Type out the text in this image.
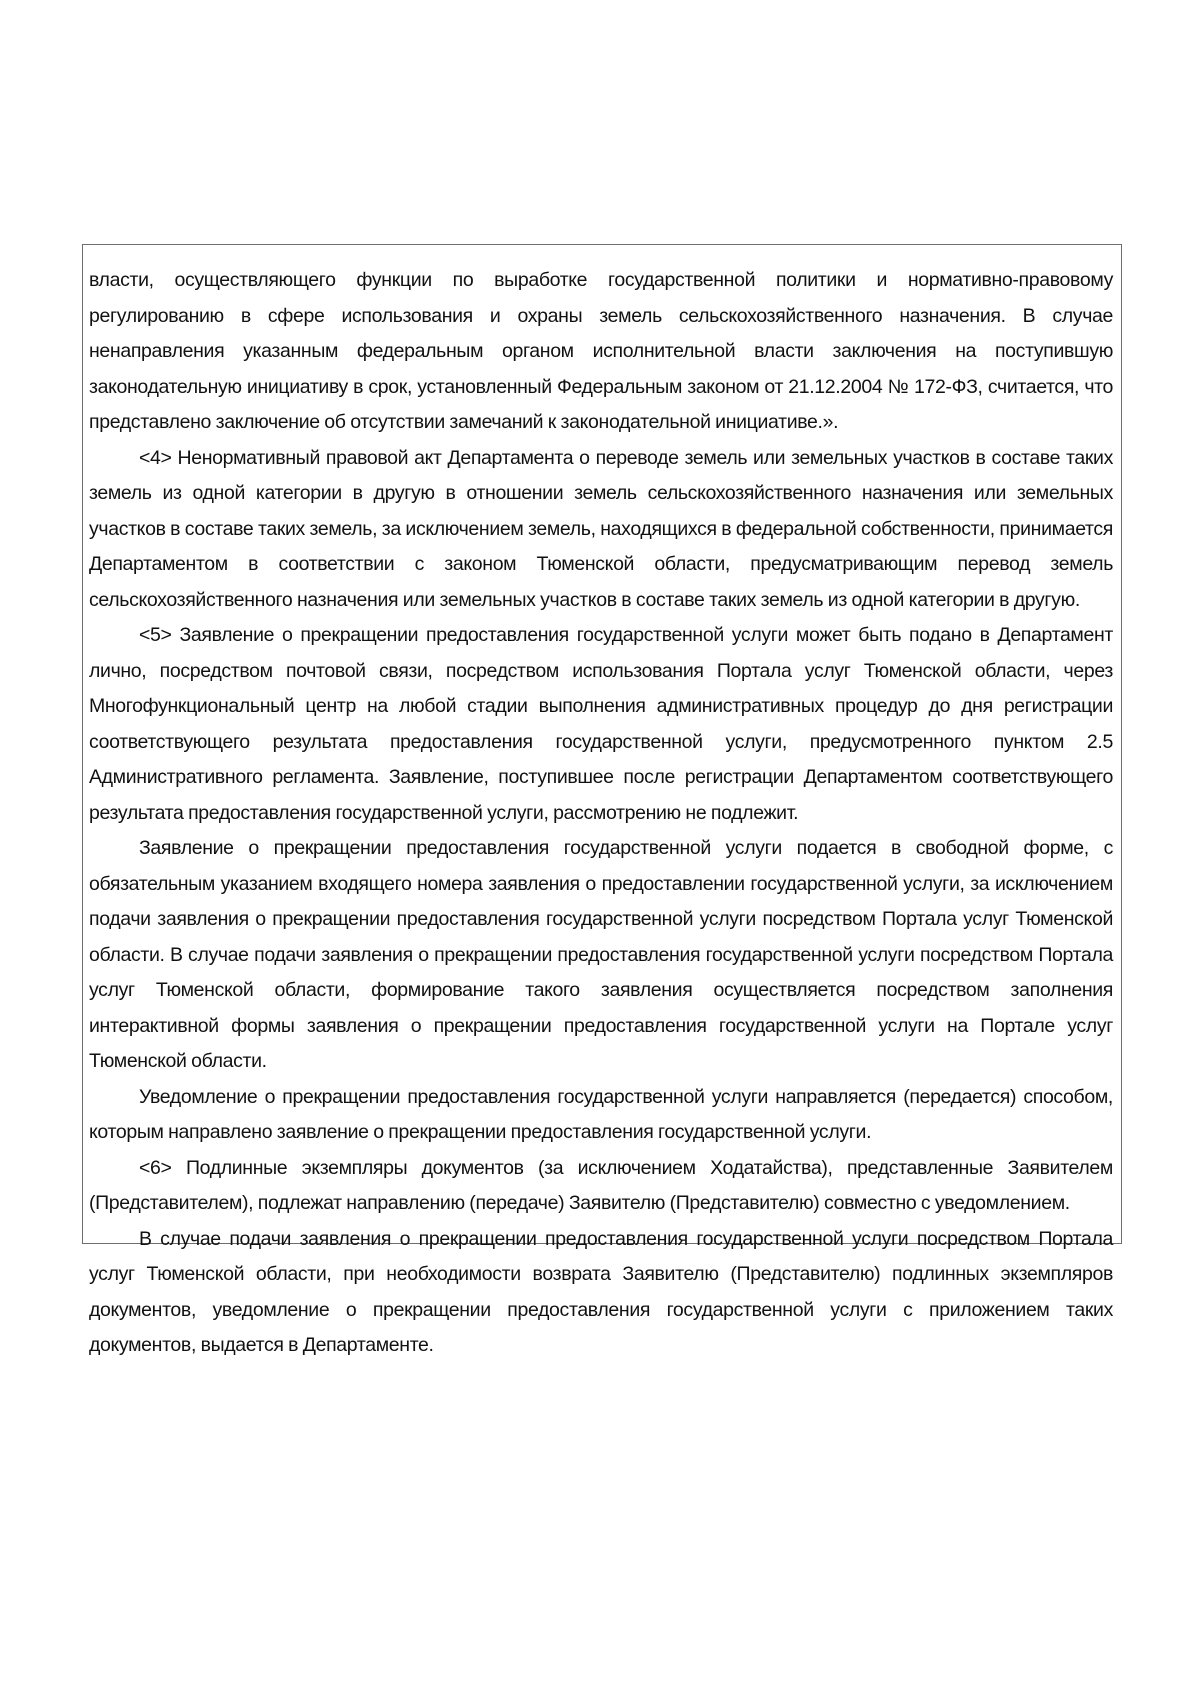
власти, осуществляющего функции по выработке государственной политики и нормативно-правовому регулированию в сфере использования и охраны земель сельскохозяйственного назначения. В случае ненаправления указанным федеральным органом исполнительной власти заключения на поступившую законодательную инициативу в срок, установленный Федеральным законом от 21.12.2004 № 172-ФЗ, считается, что представлено заключение об отсутствии замечаний к законодательной инициативе.».

<4> Ненормативный правовой акт Департамента о переводе земель или земельных участков в составе таких земель из одной категории в другую в отношении земель сельскохозяйственного назначения или земельных участков в составе таких земель, за исключением земель, находящихся в федеральной собственности, принимается Департаментом в соответствии с законом Тюменской области, предусматривающим перевод земель сельскохозяйственного назначения или земельных участков в составе таких земель из одной категории в другую.

<5> Заявление о прекращении предоставления государственной услуги может быть подано в Департамент лично, посредством почтовой связи, посредством использования Портала услуг Тюменской области, через Многофункциональный центр на любой стадии выполнения административных процедур до дня регистрации соответствующего результата предоставления государственной услуги, предусмотренного пунктом 2.5 Административного регламента. Заявление, поступившее после регистрации Департаментом соответствующего результата предоставления государственной услуги, рассмотрению не подлежит.

Заявление о прекращении предоставления государственной услуги подается в свободной форме, с обязательным указанием входящего номера заявления о предоставлении государственной услуги, за исключением подачи заявления о прекращении предоставления государственной услуги посредством Портала услуг Тюменской области. В случае подачи заявления о прекращении предоставления государственной услуги посредством Портала услуг Тюменской области, формирование такого заявления осуществляется посредством заполнения интерактивной формы заявления о прекращении предоставления государственной услуги на Портале услуг Тюменской области.

Уведомление о прекращении предоставления государственной услуги направляется (передается) способом, которым направлено заявление о прекращении предоставления государственной услуги.

<6> Подлинные экземпляры документов (за исключением Ходатайства), представленные Заявителем (Представителем), подлежат направлению (передаче) Заявителю (Представителю) совместно с уведомлением.

В случае подачи заявления о прекращении предоставления государственной услуги посредством Портала услуг Тюменской области, при необходимости возврата Заявителю (Представителю) подлинных экземпляров документов, уведомление о прекращении предоставления государственной услуги с приложением таких документов, выдается в Департаменте.
